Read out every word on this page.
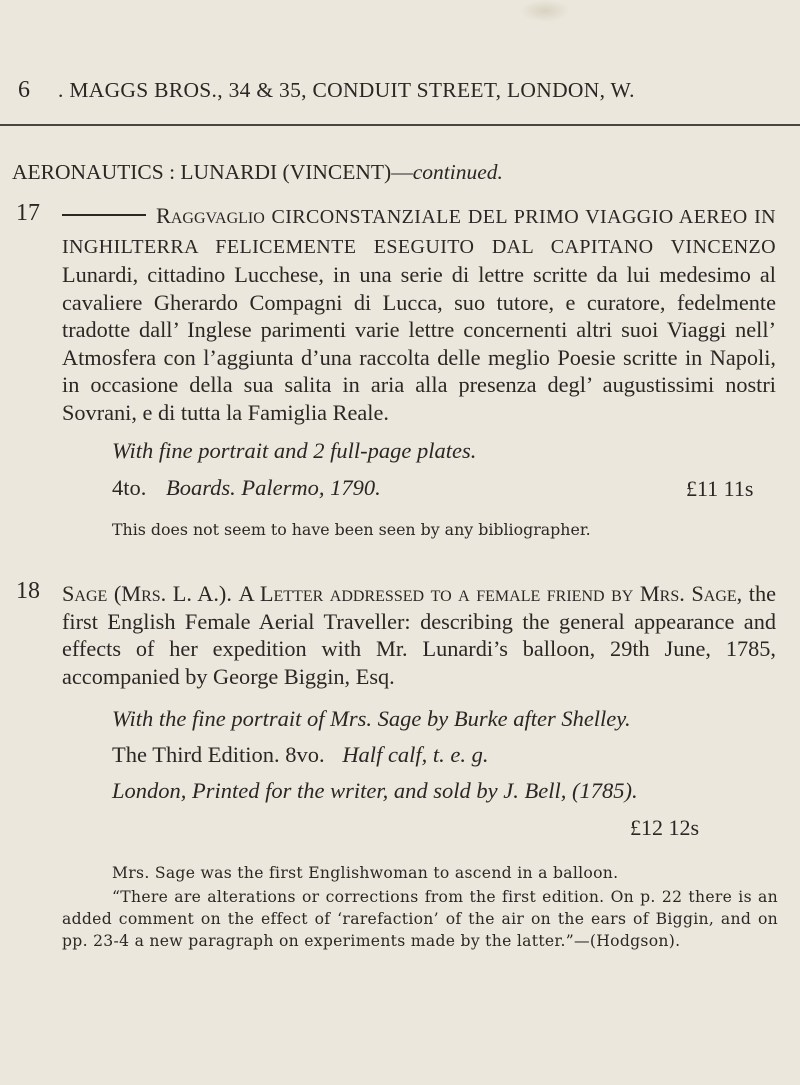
6 . MAGGS BROS., 34 & 35, CONDUIT STREET, LONDON, W.
AERONAUTICS : LUNARDI (VINCENT)—continued.
17	Raggvaglio CIRCONSTANZIALE DEL PRIMO VIAGGIO AEREO IN INGHILTERRA FELICEMENTE ESEGUITO DAL CAPITANO VINCENZO Lunardi, cittadino Lucchese, in una serie di lettre scritte da lui medesimo al cavaliere Gherardo Compagni di Lucca, suo tutore, e curatore, fedelmente tradotte dall’ Inglese parimenti varie lettre concernenti altri suoi Viaggi nell’ Atmosfera con l’aggiunta d’una raccolta delle meglio Poesie scritte in Napoli, in occasione della sua salita in aria alla presenza degl’ augustissimi nostri Sovrani, e di tutta la Famiglia Reale.
With fine portrait and 2 full-page plates.
4to. Boards. Palermo, 1790.	£11 11s
This does not seem to have been seen by any bibliographer.
18 Sage (Mrs. L. A.). A Letter addressed to a female friend by Mrs. Sage, the first English Female Aerial Traveller: describing the general appearance and effects of her expedition with Mr. Lunardi’s balloon, 29th June, 1785, accompanied by George Biggin, Esq.
With the fine portrait of Mrs. Sage by Burke after Shelley.
The Third Edition. 8vo. Half calf, t. e. g.
London, Printed for the writer, and sold by J. Bell, (1785).
£12 12s
Mrs. Sage was the first Englishwoman to ascend in a balloon.
“There are alterations or corrections from the first edition. On p. 22 there is an added comment on the effect of ‘rarefaction’ of the air on the ears of Biggin, and on pp. 23-4 a new paragraph on experiments made by the latter.”—(Hodgson).
